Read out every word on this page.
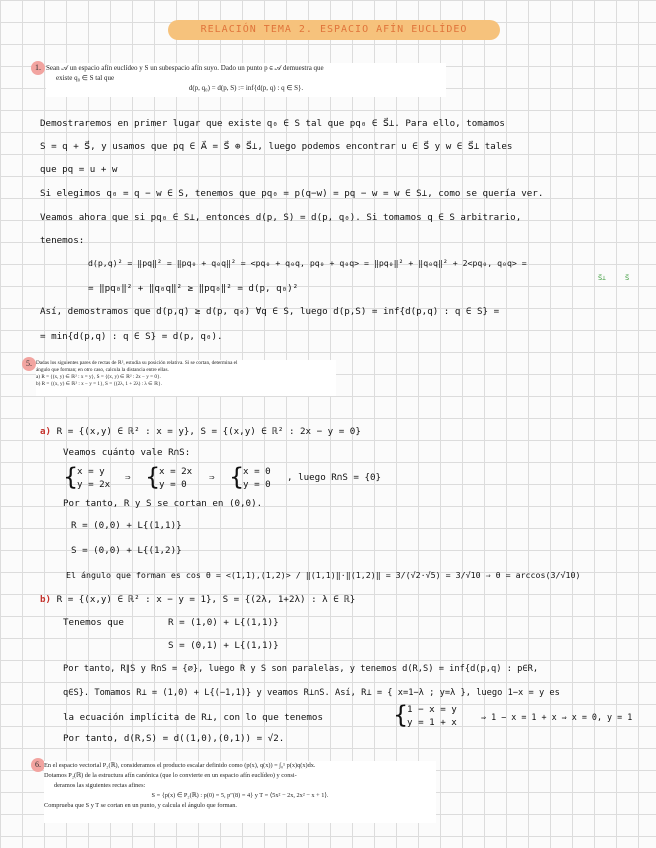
RELACIÓN TEMA 2. ESPACIO AFÍN EUCLÍDEO
1. Sean 𝒜 un espacio afín euclídeo y S un subespacio afín suyo. Dado un punto p ∈ 𝒜 demuestra que

existe q₀ ∈ S tal que

d(p, q₀) = d(p, S) := inf{d(p, q) : q ∈ S}.

Demostraremos en primer lugar que existe q₀ ∈ S tal que pq₀ ∈ S⃗⊥. Para ello, tomamos

S = q + S⃗, y usamos que pq ∈ A⃗ = S⃗ ⊕ S⃗⊥, luego podemos encontrar u ∈ S⃗ y w ∈ S⃗⊥ tales

que pq = u + w

Si elegimos q₀ = q − w ∈ S, tenemos que pq₀ = p(q−w) = pq − w = w ∈ S⊥, como se quería ver.

Veamos ahora que si pq₀ ∈ S⊥, entonces d(p, S) = d(p, q₀). Si tomamos q ∈ S arbitrario,

tenemos:

d(p,q)² = ‖pq‖² = ‖pq₀ + q₀q‖² = <pq₀ + q₀q, pq₀ + q₀q> = ‖pq₀‖² + ‖q₀q‖² + 2<pq₀, q₀q> =

S⃗⊥	S⃗

= ‖pq₀‖² + ‖q₀q‖² ≥ ‖pq₀‖² = d(p, q₀)²

Así, demostramos que d(p,q) ≥ d(p, q₀) ∀q ∈ S, luego d(p,S) = inf{d(p,q) : q ∈ S} =

= min{d(p,q) : q ∈ S} = d(p, q₀).

5. Dadas los siguientes pares de rectas de ℝ², estudia su posición relativa. Si se cortan, determina el

ángulo que forman; en otro caso, calcula la distancia entre ellas.

a) R = {(x, y) ∈ ℝ² : x = y}, S = {(x, y) ∈ ℝ² : 2x − y = 0}.

b) R = {(x, y) ∈ ℝ² : x − y = 1}, S = {(2λ, 1 + 2λ) : λ ∈ ℝ}.

a) R = {(x,y) ∈ ℝ² : x = y}, S = {(x,y) ∈ ℝ² : 2x − y = 0}

Veamos cuánto vale R∩S:

{
x = y
y = 2x
⇒ {
x = 2x
y = 0
⇒ {
x = 0
y = 0
, luego R∩S = {0}

Por tanto, R y S se cortan en (0,0).

R = (0,0) + L{(1,1)}

S = (0,0) + L{(1,2)}

El ángulo que forman es cos θ = <(1,1),(1,2)> / ‖(1,1)‖·‖(1,2)‖ = 3/(√2·√5) = 3/√10 ⇒ θ = arccos(3/√10)

b) R = {(x,y) ∈ ℝ² : x − y = 1}, S = {(2λ, 1+2λ) : λ ∈ ℝ}

Tenemos que	R = (1,0) + L{(1,1)}

S = (0,1) + L{(1,1)}

Por tanto, R∥S y R∩S = {∅}, luego R y S son paralelas, y tenemos d(R,S) = inf{d(p,q) : p∈R,

q∈S}. Tomamos R⊥ = (1,0) + L{(−1,1)} y veamos R⊥∩S. Así, R⊥ = { x=1−λ ; y=λ }, luego 1−x = y es

la ecuación implícita de R⊥, con lo que tenemos	{
1 − x = y
y = 1 + x	⇒ 1 − x = 1 + x ⇒ x = 0, y = 1

Por tanto, d(R,S) = d((1,0),(0,1)) = √2.

6. En el espacio vectorial P₂(ℝ), consideramos el producto escalar definido como (p(x), q(x)) = ∫₀¹ p(x)q(x)dx.

Dotamos P₂(ℝ) de la estructura afín canónica (que lo convierte en un espacio afín euclídeo) y consi-

deramos las siguientes rectas afines:

S = {p(x) ∈ P₂(ℝ) : p(0) = 5, p″(8) = 4} y T = ⟨5x² − 2x, 2x² − x + 1⟩.

Comprueba que S y T se cortan en un punto, y calcula el ángulo que forman.
